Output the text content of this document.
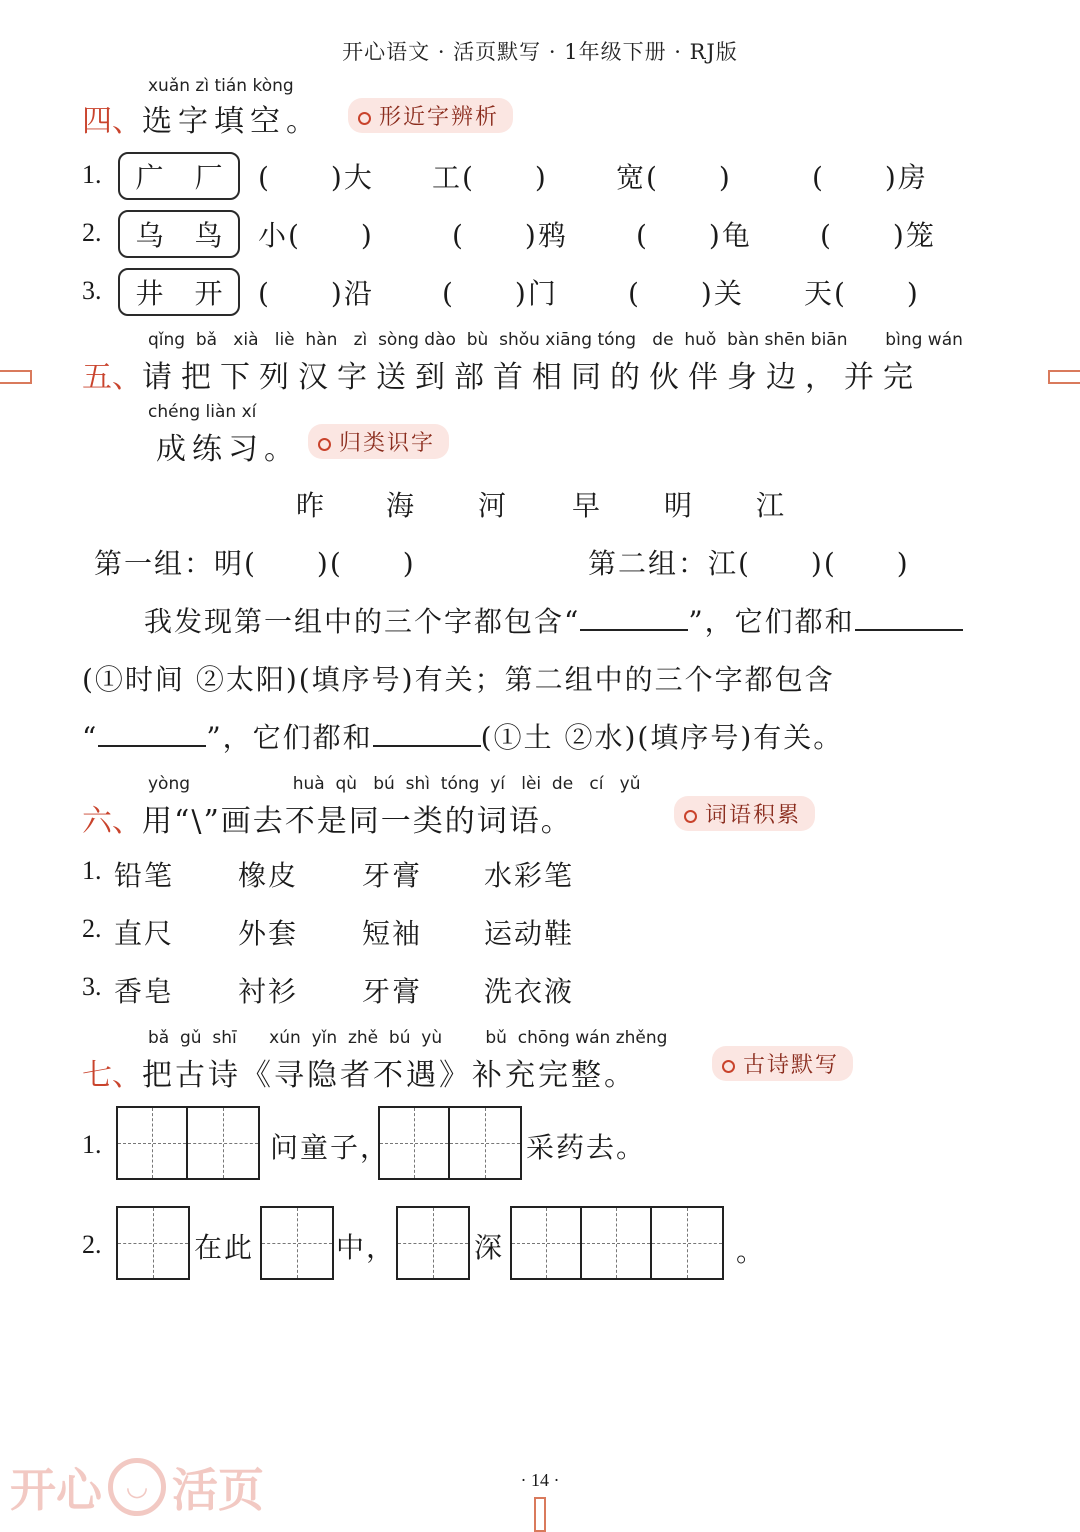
开心语文 · 活页默写 · 1年级下册 · RJ版
xuǎn zì tián kòng
四、选字填空。	形近字辨析
1. 广 厂 (　　)大 工(　　) 宽(　　)	(　　)房
2. 乌 鸟 小(　　)	(　　)鸦 (　　)龟 (　　)笼
3. 井 开 (　　)沿 (　　)门	(　　)关 天(　　)
qǐng  bǎ   xià   liè  hàn   zì  sòng dào  bù  shǒu xiāng tóng   de  huǒ  bàn shēn biān       bìng wán
五、请把下列汉字送到部首相同的伙伴身边，并完
chéng liàn xí
成练习。	归类识字
昨 海 河 早 明 江
第一组：明(　　)(　　)	第二组：江(　　)(　　)
我发现第一组中的三个字都包含“	”，它们都和
(①时间 ②太阳)(填序号)有关；第二组中的三个字都包含
“	”，它们都和	(①土 ②水)(填序号)有关。
yòng                   huà  qù   bú  shì  tóng  yí   lèi  de   cí   yǔ
六、用“\”画去不是同一类的词语。	词语积累
1. 铅笔 橡皮 牙膏 水彩笔
2. 直尺 外套 短袖 运动鞋
3. 香皂 衬衫 牙膏 洗衣液
bǎ  gǔ  shī      xún  yǐn  zhě  bú  yù        bǔ  chōng wán zhěng
七、把古诗《寻隐者不遇》补充完整。	古诗默写
1.	问童子，	采药去。
2.	在此	中，	深	。
开心 ◡ 活页	· 14 ·
